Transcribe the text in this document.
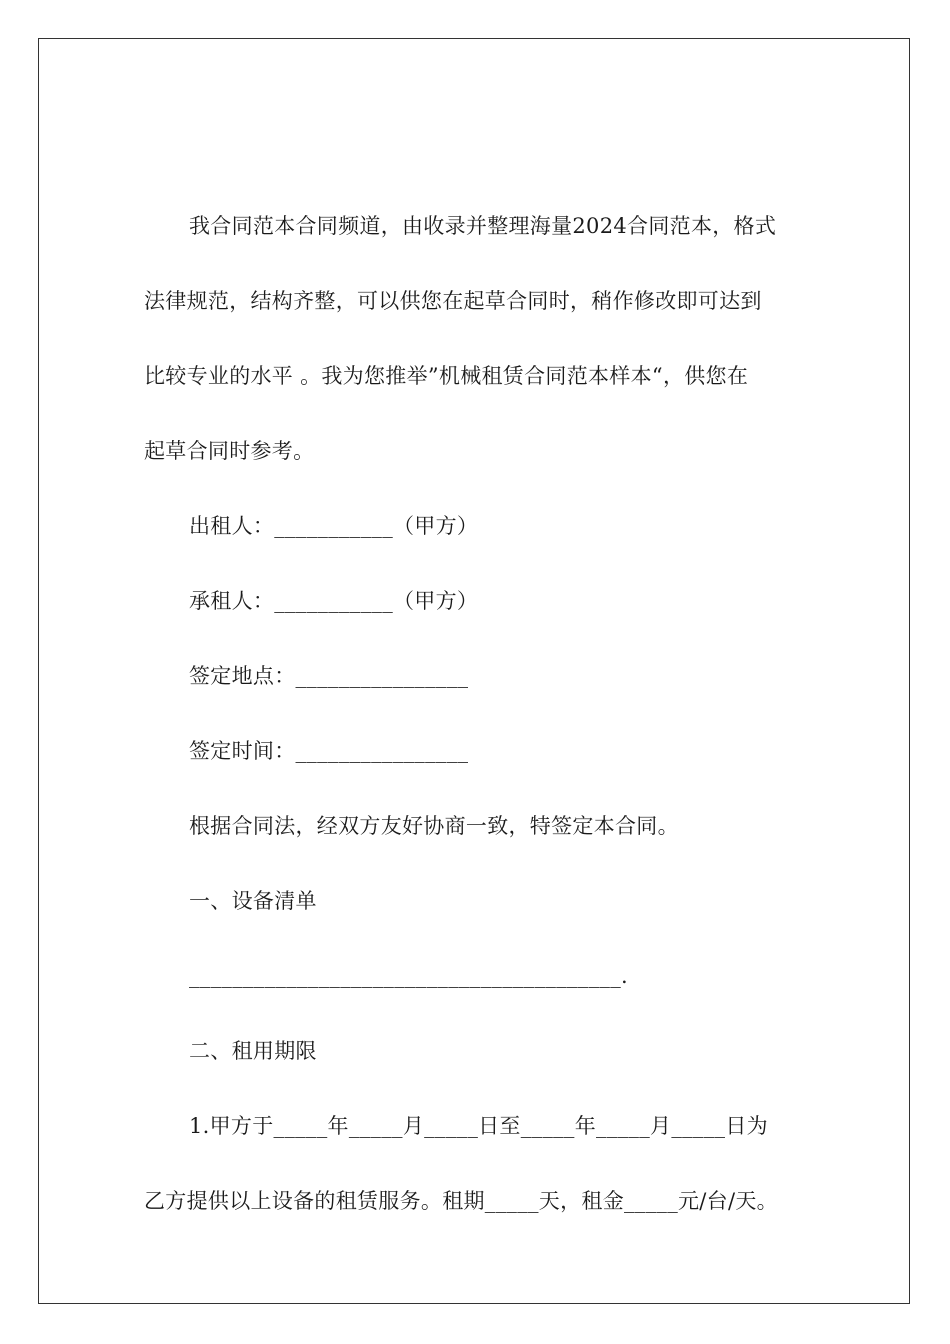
我合同范本合同频道，由收录并整理海量2024合同范本，格式
法律规范，结构齐整，可以供您在起草合同时，稍作修改即可达到
比较专业的水平 。我为您推举”机械租赁合同范本样本“，供您在
起草合同时参考。
出租人：___________（甲方）
承租人：___________（甲方）
签定地点：________________
签定时间：________________
根据合同法，经双方友好协商一致，特签定本合同。
一、设备清单
________________________________________.
二、租用期限
1.甲方于_____年_____月_____日至_____年_____月_____日为
乙方提供以上设备的租赁服务。租期_____天，租金_____元/台/天。
